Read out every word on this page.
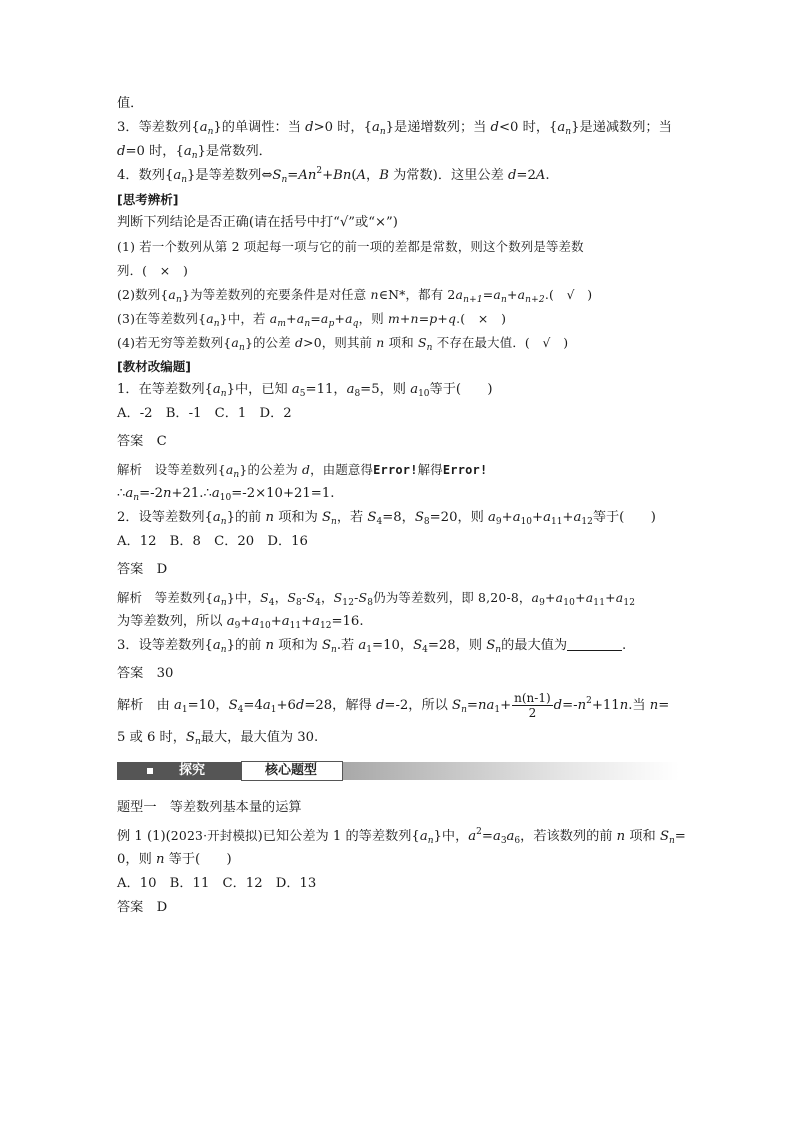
值．
3．等差数列$\{a_n\}$的单调性：当 d>0 时，$\{a_n\}$是递增数列；当 d<0 时，$\{a_n\}$是递减数列；当
d=0 时，$\{a_n\}$是常数列．
4．数列$\{a_n\}$是等差数列$\Leftrightarrow S_n=An^2+Bn(A$，B 为常数)．这里公差 d=2A.
[思考辨析]
判断下列结论是否正确(请在括号中打“√”或“×”)
(1) 若一个数列从第 2 项起每一项与它的前一项的差都是常数，则这个数列是等差数
列．(　×　)
(2)数列$\{a_n\}$为等差数列的充要条件是对任意 n∈N*，都有 $2a_{n+1}=a_n+a_{n+2}$.(　√　)
(3)在等差数列$\{a_n\}$中，若 $a_m+a_n=a_p+a_q$，则 m+n=p+q.(　×　)
(4)若无穷等差数列$\{a_n\}$的公差 d>0，则其前 n 项和 $S_n$ 不存在最大值．(　√　)
[教材改编题]
1．在等差数列$\{a_n\}$中，已知 $a_5=11$，$a_8=5$，则 $a_{10}$等于(　　)
A．-2　B．-1　C．1　D．2
答案　 C
解析　 设等差数列$\{a_n\}$的公差为 d，由题意得Error!解得Error!
$\therefore a_n=-2n+21.\therefore a_{10}=-2\times 10+21=1$.
2．设等差数列$\{a_n\}$的前 n 项和为 $S_n$，若 $S_4=8$，$S_8=20$，则 $a_9+a_{10}+a_{11}+a_{12}$等于(　　)
A．12　B．8　C．20　D．16
答案　 D
解析　 等差数列$\{a_n\}$中，$S_4$，$S_8-S_4$，$S_{12}-S_8$仍为等差数列，即 8,20-8，$a_9+a_{10}+a_{11}+a_{12}$
为等差数列，所以 $a_9+a_{10}+a_{11}+a_{12}=16$.
3．设等差数列$\{a_n\}$的前 n 项和为 $S_n$.若 $a_1=10$，$S_4=28$，则 $S_n$的最大值为	.
答案　 30
解析　 由 $a_1=10$，$S_4=4a_1+6d=28$，解得 d=-2，所以 $S_n=na_1+ \frac{n(n-1)}{2} d=-n^2+11n$.当 n=
5 或 6 时，$S_n$最大，最大值为 30.
探究	核心题型
题型一　等差数列基本量的运算
例 1 (1)(2023·开封模拟)已知公差为 1 的等差数列$\{a_n\}$中，$a^2=a_3a_6$，若该数列的前 n 项和 $S_n=$
0，则 n 等于(　　)
A．10　B．11　C．12　D．13
答案　 D
